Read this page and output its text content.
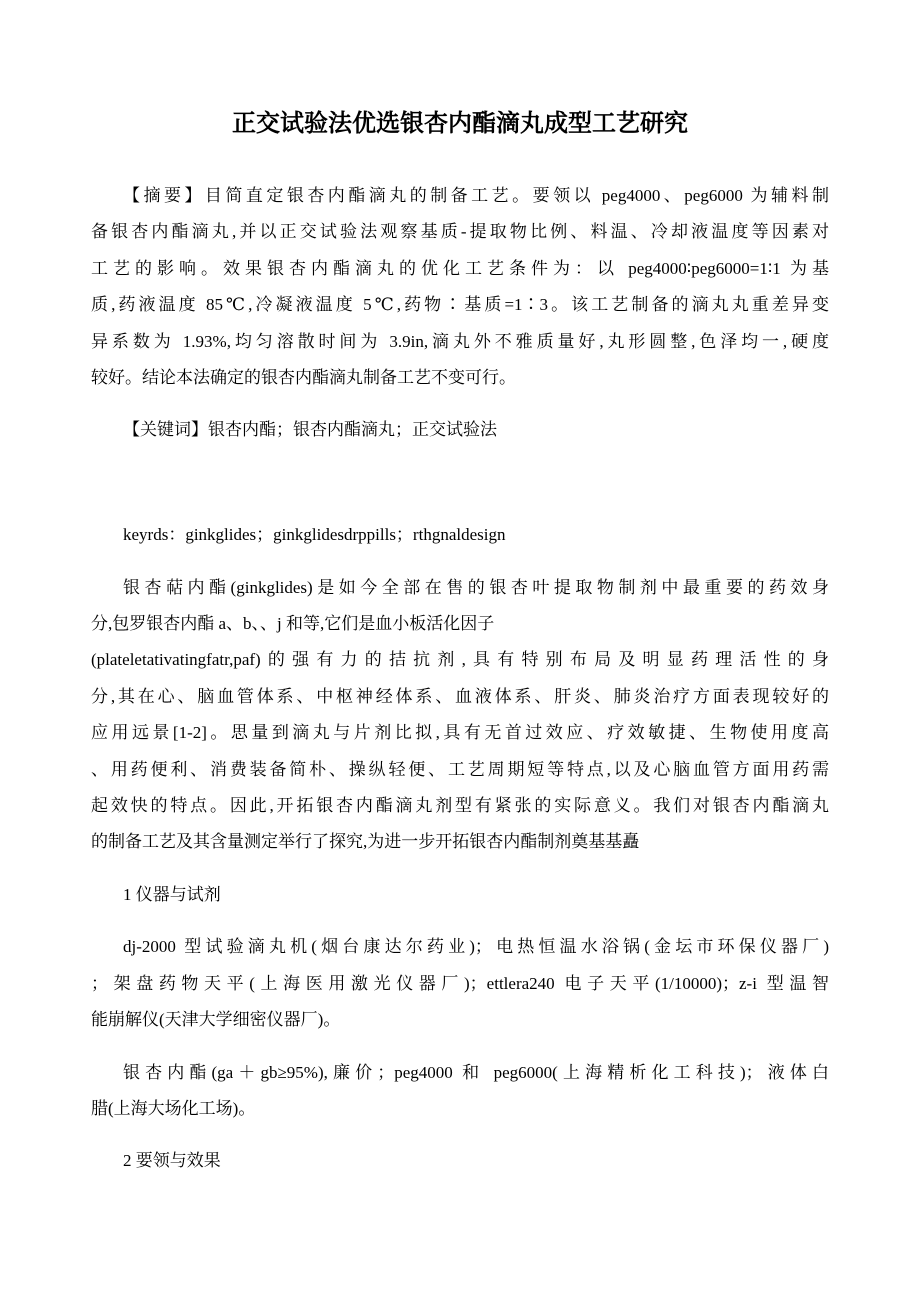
正交试验法优选银杏内酯滴丸成型工艺研究
【摘要】目简直定银杏内酯滴丸的制备工艺。要领以 peg4000、peg6000 为辅料制
备银杏内酯滴丸,并以正交试验法观察基质-提取物比例、料温、冷却液温度等因素对
工艺的影响。效果银杏内酯滴丸的优化工艺条件为：以 peg4000∶peg6000=1∶1 为基
质,药液温度 85℃,冷凝液温度 5℃,药物∶基质=1∶3。该工艺制备的滴丸丸重差异变
异系数为 1.93%,均匀溶散时间为 3.9in,滴丸外不雅质量好,丸形圆整,色泽均一,硬度
较好。结论本法确定的银杏内酯滴丸制备工艺不变可行。
【关键词】银杏内酯；银杏内酯滴丸；正交试验法
keyrds：ginkglides；ginkglidesdrppills；rthgnaldesign
银杏萜内酯(ginkglides)是如今全部在售的银杏叶提取物制剂中最重要的药效身
分,包罗银杏内酯 a、b、、j 和等,它们是血小板活化因子
(plateletativatingfatr,paf)的强有力的拮抗剂,具有特别布局及明显药理活性的身
分,其在心、脑血管体系、中枢神经体系、血液体系、肝炎、肺炎治疗方面表现较好的
应用远景[1-2]。思量到滴丸与片剂比拟,具有无首过效应、疗效敏捷、生物使用度高
、用药便利、消费装备简朴、操纵轻便、工艺周期短等特点,以及心脑血管方面用药需
起效快的特点。因此,开拓银杏内酯滴丸剂型有紧张的实际意义。我们对银杏内酯滴丸
的制备工艺及其含量测定举行了探究,为进一步开拓银杏内酯制剂奠基基矗
1 仪器与试剂
dj-2000 型试验滴丸机(烟台康达尔药业)；电热恒温水浴锅(金坛市环保仪器厂)
；架盘药物天平(上海医用激光仪器厂)；ettlera240 电子天平(1/10000)；z-i 型温智
能崩解仪(天津大学细密仪器厂)。
银杏内酯(ga＋gb≥95%),廉价；peg4000 和 peg6000(上海精析化工科技)；液体白
腊(上海大场化工场)。
2 要领与效果
